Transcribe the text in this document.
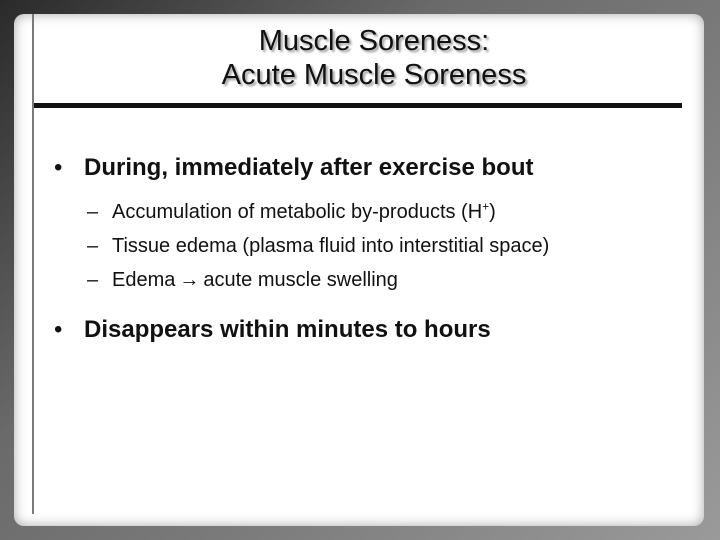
Muscle Soreness:
Acute Muscle Soreness
• During, immediately after exercise bout
– Accumulation of metabolic by-products (H+)
– Tissue edema (plasma fluid into interstitial space)
– Edema → acute muscle swelling
• Disappears within minutes to hours
